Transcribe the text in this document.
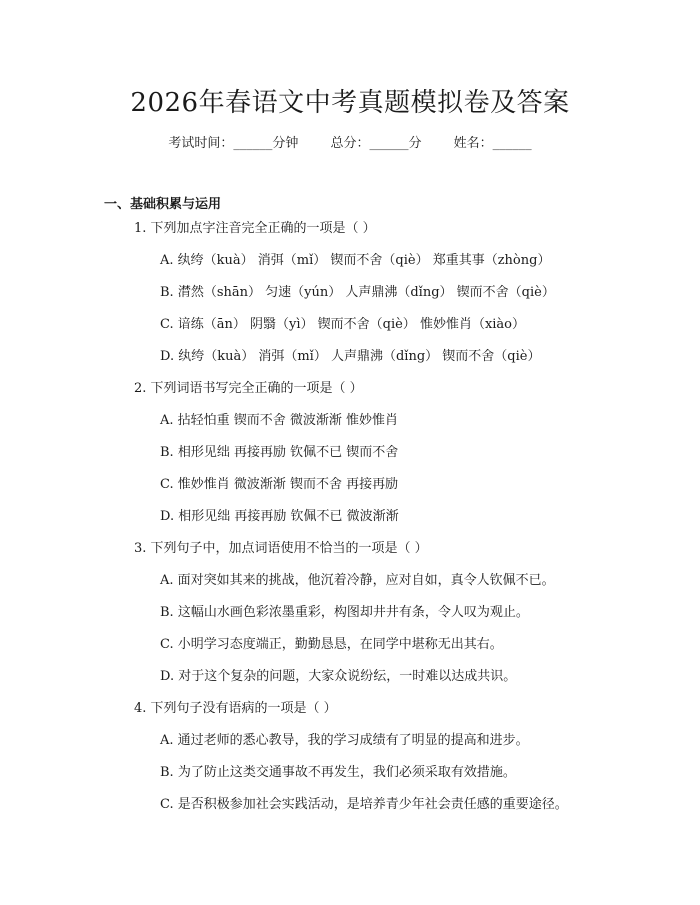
2026年春语文中考真题模拟卷及答案
考试时间：______分钟 总分：______分 姓名：______
一、基础积累与运用
1. 下列加点字注音完全正确的一项是（ ）
A. 纨绔（kuà） 消弭（mǐ） 锲而不舍（qiè） 郑重其事（zhòng）
B. 潸然（shān） 匀速（yún） 人声鼎沸（dǐng） 锲而不舍（qiè）
C. 谙练（ān） 阴翳（yì） 锲而不舍（qiè） 惟妙惟肖（xiào）
D. 纨绔（kuà） 消弭（mǐ） 人声鼎沸（dǐng） 锲而不舍（qiè）
2. 下列词语书写完全正确的一项是（ ）
A. 拈轻怕重 锲而不舍 微波渐渐 惟妙惟肖
B. 相形见绌 再接再励 钦佩不已 锲而不舍
C. 惟妙惟肖 微波渐渐 锲而不舍 再接再励
D. 相形见绌 再接再励 钦佩不已 微波渐渐
3. 下列句子中，加点词语使用不恰当的一项是（ ）
A. 面对突如其来的挑战，他沉着冷静，应对自如，真令人钦佩不已。
B. 这幅山水画色彩浓墨重彩，构图却井井有条，令人叹为观止。
C. 小明学习态度端正，勤勤恳恳，在同学中堪称无出其右。
D. 对于这个复杂的问题，大家众说纷纭，一时难以达成共识。
4. 下列句子没有语病的一项是（ ）
A. 通过老师的悉心教导，我的学习成绩有了明显的提高和进步。
B. 为了防止这类交通事故不再发生，我们必须采取有效措施。
C. 是否积极参加社会实践活动，是培养青少年社会责任感的重要途径。
